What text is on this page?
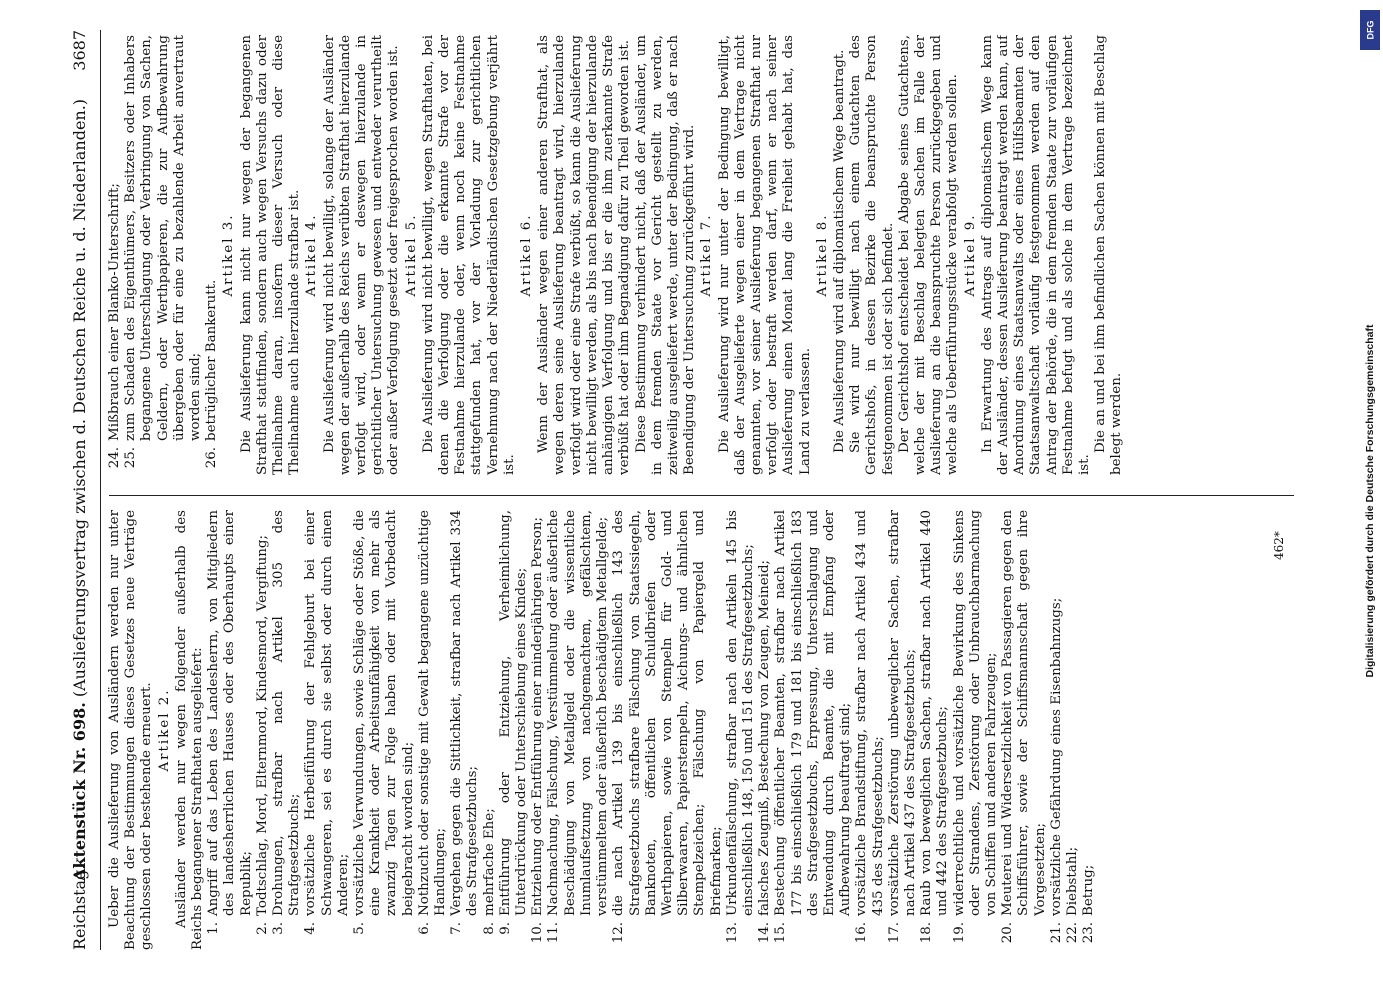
Reichstag.
Aktenstück Nr. 698. (Auslieferungsvertrag zwischen d. Deutschen Reiche u. d. Niederlanden.)
3687

Ueber die Auslieferung von Ausländern werden nur unter Beachtung der Bestimmungen dieses Gesetzes neue Verträge geschlossen oder bestehende erneuert. Artikel 2. Ausländer werden nur wegen folgender außerhalb des Reichs begangener Strafthaten ausgeliefert: 1.
Angriff auf das Leben des Landesherrn, von Mitgliedern des landesherrlichen Hauses oder des Oberhaupts einer Republik;
2.
Todtschlag, Mord, Elternmord, Kindesmord, Vergiftung;
3.
Drohungen, strafbar nach Artikel 305 des Strafgesetzbuchs;
4.
vorsätzliche Herbeiführung der Fehlgeburt bei einer Schwangeren, sei es durch sie selbst oder durch einen Anderen;
5.
vorsätzliche Verwundungen, sowie Schläge oder Stöße, die eine Krankheit oder Arbeitsunfähigkeit von mehr als zwanzig Tagen zur Folge haben oder mit Vorbedacht beigebracht worden sind;
6.
Nothzucht oder sonstige mit Gewalt begangene unzüchtige Handlungen;
7.
Vergehen gegen die Sittlichkeit, strafbar nach Artikel 334 des Strafgesetzbuchs;
8.
mehrfache Ehe;
9.
Entführung oder Entziehung, Verheimlichung, Unterdrückung oder Unterschiebung eines Kindes;
10.
Entziehung oder Entführung einer minderjährigen Person;
11.
Nachmachung, Fälschung, Verstümmelung oder äußerliche Beschädigung von Metallgeld oder die wissentliche Inumlaufsetzung von nachgemachtem, gefälschtem, verstümmeltem oder äußerlich beschädigtem Metallgelde;
12.
die nach Artikel 139 bis einschließlich 143 des Strafgesetzbuchs strafbare Fälschung von Staatssiegeln, Banknoten, öffentlichen Schuldbriefen oder Werthpapieren, sowie von Stempeln für Gold- und Silberwaaren, Papierstempeln, Aichungs- und ähnlichen Stempelzeichen; Fälschung von Papiergeld und Briefmarken;
13.
Urkundenfälschung, strafbar nach den Artikeln 145 bis einschließlich 148, 150 und 151 des Strafgesetzbuchs;
14.
falsches Zeugniß, Bestechung von Zeugen, Meineid;
15.
Bestechung öffentlicher Beamten, strafbar nach Artikel 177 bis einschließlich 179 und 181 bis einschließlich 183 des Strafgesetzbuchs, Erpressung, Unterschlagung und Entwendung durch Beamte, die mit Empfang oder Aufbewahrung beauftragt sind;
16.
vorsätzliche Brandstiftung, strafbar nach Artikel 434 und 435 des Strafgesetzbuchs;
17.
vorsätzliche Zerstörung unbeweglicher Sachen, strafbar nach Artikel 437 des Strafgesetzbuchs;
18.
Raub von beweglichen Sachen, strafbar nach Artikel 440 und 442 des Strafgesetzbuchs;
19.
widerrechtliche und vorsätzliche Bewirkung des Sinkens oder Strandens, Zerstörung oder Unbrauchbarmachung von Schiffen und anderen Fahrzeugen;
20.
Meuterei und Widersetzlichkeit von Passagieren gegen den Schiffsführer, sowie der Schiffsmannschaft gegen ihre Vorgesetzten;
21.
vorsätzliche Gefährdung eines Eisenbahnzugs;
22.
Diebstahl;
23.
Betrug;
24.
Mißbrauch einer Blanko-Unterschrift;
25.
zum Schaden des Eigenthümers, Besitzers oder Inhabers begangene Unterschlagung oder Verbringung von Sachen, Geldern, oder Werthpapieren, die zur Aufbewahrung übergeben oder für eine zu bezahlende Arbeit anvertraut worden sind;
26.
betrüglicher Bankerutt.
Artikel 3. Die Auslieferung kann nicht nur wegen der begangenen Strafthat stattfinden, sondern auch wegen Versuchs dazu oder Theilnahme daran, insofern dieser Versuch oder diese Theilnahme auch hierzulande strafbar ist. Artikel 4. Die Auslieferung wird nicht bewilligt, solange der Ausländer wegen der außerhalb des Reichs verübten Strafthat hierzulande verfolgt wird, oder wenn er deswegen hierzulande in gerichtlicher Untersuchung gewesen und entweder verurtheilt oder außer Verfolgung gesetzt oder freigesprochen worden ist. Artikel 5. Die Auslieferung wird nicht bewilligt, wegen Strafthaten, bei denen die Verfolgung oder die erkannte Strafe vor der Festnahme hierzulande oder, wenn noch keine Festnahme stattgefunden hat, vor der Vorladung zur gerichtlichen Vernehmung nach der Niederländischen Gesetzgebung verjährt ist.

Artikel 6. Wenn der Ausländer wegen einer anderen Strafthat, als wegen deren seine Auslieferung beantragt wird, hierzulande verfolgt wird oder eine Strafe verbüßt, so kann die Auslieferung nicht bewilligt werden, als bis nach Beendigung der hierzulande anhängigen Verfolgung und bis er die ihm zuerkannte Strafe verbüßt hat oder ihm Begnadigung dafür zu Theil geworden ist. Diese Bestimmung verhindert nicht, daß der Ausländer, um in dem fremden Staate vor Gericht gestellt zu werden, zeitweilig ausgeliefert werde, unter der Bedingung, daß er nach Beendigung der Untersuchung zurückgeführt wird. Artikel 7. Die Auslieferung wird nur unter der Bedingung bewilligt, daß der Ausgelieferte wegen einer in dem Vertrage nicht genannten, vor seiner Auslieferung begangenen Strafthat nur verfolgt oder bestraft werden darf, wenn er nach seiner Auslieferung einen Monat lang die Freiheit gehabt hat, das Land zu verlassen.

Artikel 8. Die Auslieferung wird auf diplomatischem Wege beantragt. Sie wird nur bewilligt nach einem Gutachten des Gerichtshofs, in dessen Bezirke die beanspruchte Person festgenommen ist oder sich befindet. Der Gerichtshof entscheidet bei Abgabe seines Gutachtens, welche der mit Beschlag belegten Sachen im Falle der Auslieferung an die beanspruchte Person zurückgegeben und welche als Ueberführungsstücke verabfolgt werden sollen. Artikel 9. In Erwartung des Antrags auf diplomatischem Wege kann der Ausländer, dessen Auslieferung beantragt werden kann, auf Anordnung eines Staatsanwalts oder eines Hülfsbeamten der Staatsanwaltschaft vorläufig festgenommen werden auf den Antrag der Behörde, die in dem fremden Staate zur vorläufigen Festnahme befugt und als solche in dem Vertrage bezeichnet ist.

Die an und bei ihm befindlichen Sachen können mit Beschlag belegt werden.

462*
DFG
Digitalisierung gefördert durch die Deutsche Forschungsgemeinschaft
